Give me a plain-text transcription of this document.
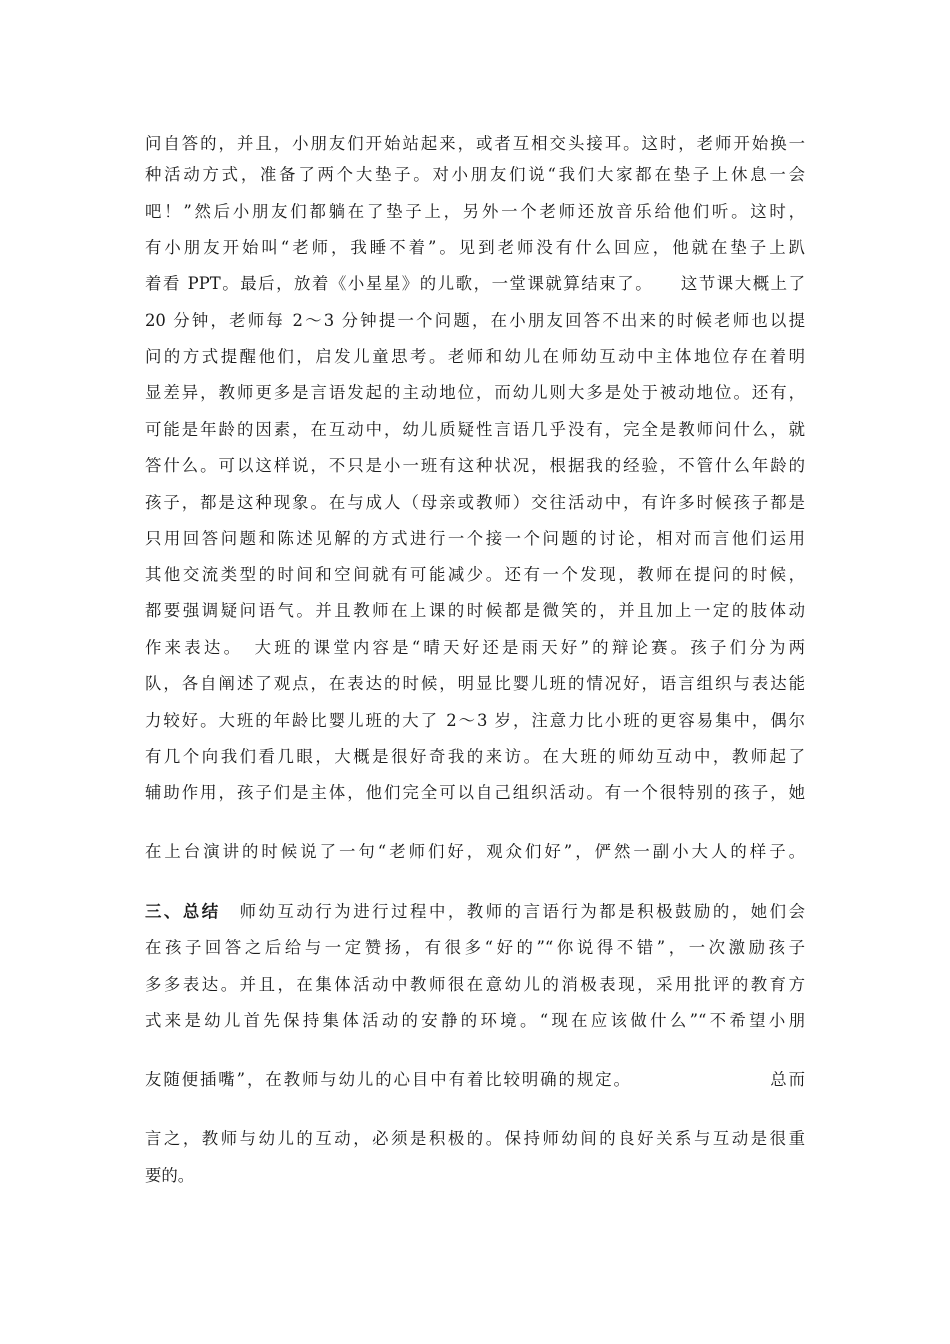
问自答的，并且，小朋友们开始站起来，或者互相交头接耳。这时，老师开始换一
种活动方式，准备了两个大垫子。对小朋友们说“我们大家都在垫子上休息一会
吧！”然后小朋友们都躺在了垫子上，另外一个老师还放音乐给他们听。这时，
有小朋友开始叫“老师，我睡不着”。见到老师没有什么回应，他就在垫子上趴
着看 PPT。最后，放着《小星星》的儿歌，一堂课就算结束了。　　这节课大概上了
20 分钟，老师每 2～3 分钟提一个问题，在小朋友回答不出来的时候老师也以提
问的方式提醒他们，启发儿童思考。老师和幼儿在师幼互动中主体地位存在着明
显差异，教师更多是言语发起的主动地位，而幼儿则大多是处于被动地位。还有，
可能是年龄的因素，在互动中，幼儿质疑性言语几乎没有，完全是教师问什么，就
答什么。可以这样说，不只是小一班有这种状况，根据我的经验，不管什么年龄的
孩子，都是这种现象。在与成人（母亲或教师）交往活动中，有许多时候孩子都是
只用回答问题和陈述见解的方式进行一个接一个问题的讨论，相对而言他们运用
其他交流类型的时间和空间就有可能减少。还有一个发现，教师在提问的时候，
都要强调疑问语气。并且教师在上课的时候都是微笑的，并且加上一定的肢体动
作来表达。　大班的课堂内容是“晴天好还是雨天好”的辩论赛。孩子们分为两
队，各自阐述了观点，在表达的时候，明显比婴儿班的情况好，语言组织与表达能
力较好。大班的年龄比婴儿班的大了 2～3 岁，注意力比小班的更容易集中，偶尔
有几个向我们看几眼，大概是很好奇我的来访。在大班的师幼互动中，教师起了
辅助作用，孩子们是主体，他们完全可以自己组织活动。有一个很特别的孩子，她
在上台演讲的时候说了一句“老师们好，观众们好”，俨然一副小大人的样子。
三、总结　师幼互动行为进行过程中，教师的言语行为都是积极鼓励的，她们会
在孩子回答之后给与一定赞扬，有很多“好的”“你说得不错”，一次激励孩子
多多表达。并且，在集体活动中教师很在意幼儿的消极表现，采用批评的教育方
式来是幼儿首先保持集体活动的安静的环境。“现在应该做什么”“不希望小朋
友随便插嘴”，在教师与幼儿的心目中有着比较明确的规定。　　　　　　　　总而
言之，教师与幼儿的互动，必须是积极的。保持师幼间的良好关系与互动是很重
要的。
